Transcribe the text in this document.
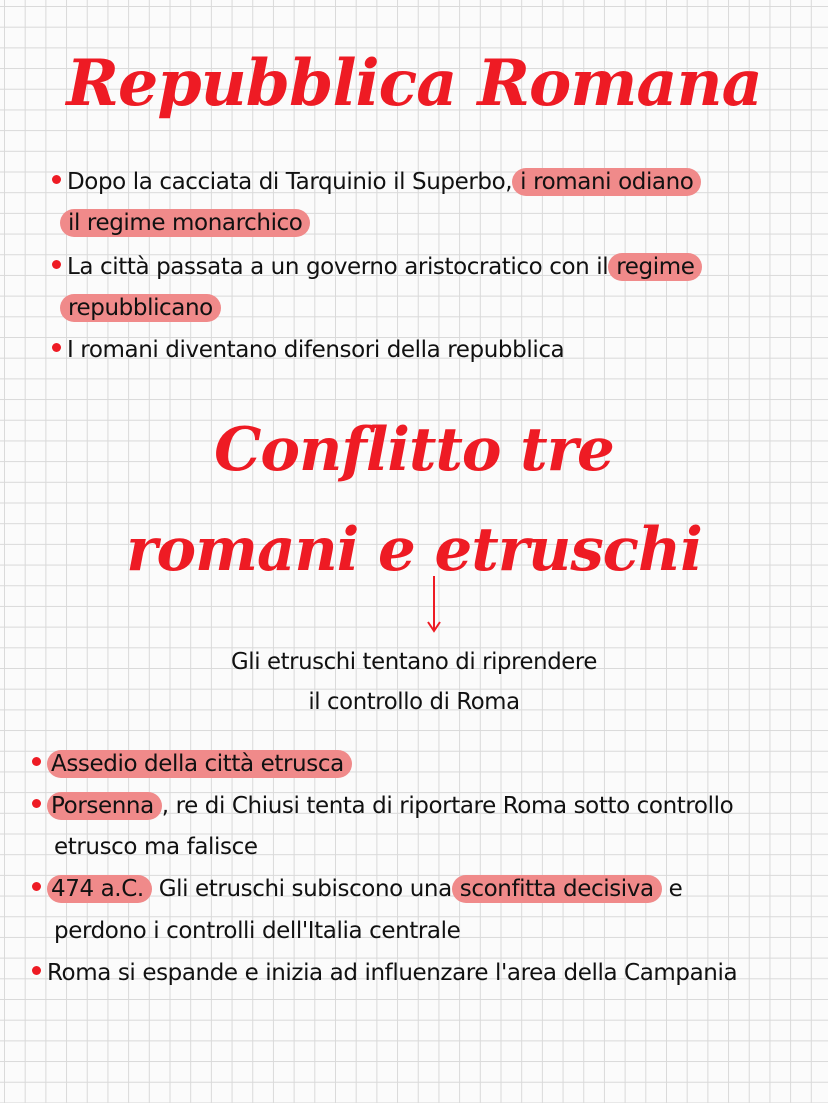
Repubblica Romana
Dopo la cacciata di Tarquinio il Superbo, i romani odiano
il regime monarchico
La città passata a un governo aristocratico con il regime
repubblicano
I romani diventano difensori della repubblica
Conflitto tre
romani e etruschi
Gli etruschi tentano di riprendere
il controllo di Roma
Assedio della città etrusca
Porsenna , re di Chiusi tenta di riportare Roma sotto controllo
etrusco ma falisce
474 a.C. Gli etruschi subiscono una sconfitta decisiva e
perdono i controlli dell'Italia centrale
Roma si espande e inizia ad influenzare l'area della Campania
